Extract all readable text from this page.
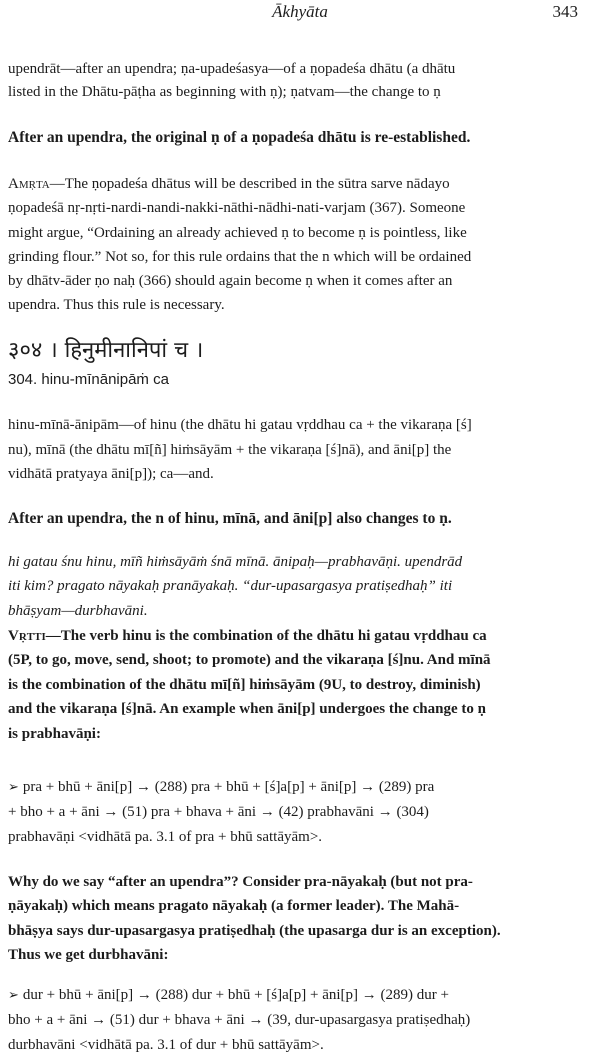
Ākhyāta	343
upendrāt—after an upendra; ṇa-upadeśasya—of a ṇopadeśa dhātu (a dhātu
listed in the Dhātu-pāṭha as beginning with ṇ); ṇatvam—the change to ṇ
After an upendra, the original ṇ of a ṇopadeśa dhātu is re-established.
Amṛta—The ṇopadeśa dhātus will be described in the sūtra sarve nādayo
ṇopadeśā nṛ-nṛti-nardi-nandi-nakki-nāthi-nādhi-nati-varjam (367). Someone
might argue, “Ordaining an already achieved ṇ to become ṇ is pointless, like
grinding flour.” Not so, for this rule ordains that the n which will be ordained
by dhātv-āder ṇo naḥ (366) should again become ṇ when it comes after an
upendra. Thus this rule is necessary.
३०४ । हिनुमीनानिपां च ।
304. hinu-mīnānipāṁ ca
hinu-mīnā-ānipām—of hinu (the dhātu hi gatau vṛddhau ca + the vikaraṇa [ś]
nu), mīnā (the dhātu mī[ñ] hiṁsāyām + the vikaraṇa [ś]nā), and āni[p] the
vidhātā pratyaya āni[p]); ca—and.
After an upendra, the n of hinu, mīnā, and āni[p] also changes to ṇ.
hi gatau śnu hinu, mīñ hiṁsāyāṁ śnā mīnā. ānipaḥ—prabhavāṇi. upendrād
iti kim? pragato nāyakaḥ pranāyakaḥ. “dur-upasargasya pratiṣedhaḥ” iti
bhāṣyam—durbhavāni.
Vṛtti—The verb hinu is the combination of the dhātu hi gatau vṛddhau ca
(5P, to go, move, send, shoot; to promote) and the vikaraṇa [ś]nu. And mīnā
is the combination of the dhātu mī[ñ] hiṁsāyām (9U, to destroy, diminish)
and the vikaraṇa [ś]nā. An example when āni[p] undergoes the change to ṇ
is prabhavāṇi:
➢ pra + bhū + āni[p] → (288) pra + bhū + [ś]a[p] + āni[p] → (289) pra
+ bho + a + āni → (51) pra + bhava + āni → (42) prabhavāni → (304)
prabhavāṇi <vidhātā pa. 3.1 of pra + bhū sattāyām>.
Why do we say “after an upendra”? Consider pra-nāyakaḥ (but not pra-
ṇāyakaḥ) which means pragato nāyakaḥ (a former leader). The Mahā-
bhāṣya says dur-upasargasya pratiṣedhaḥ (the upasarga dur is an exception).
Thus we get durbhavāni:
➢ dur + bhū + āni[p] → (288) dur + bhū + [ś]a[p] + āni[p] → (289) dur +
bho + a + āni → (51) dur + bhava + āni → (39, dur-upasargasya pratiṣedhaḥ)
durbhavāni <vidhātā pa. 3.1 of dur + bhū sattāyām>.
